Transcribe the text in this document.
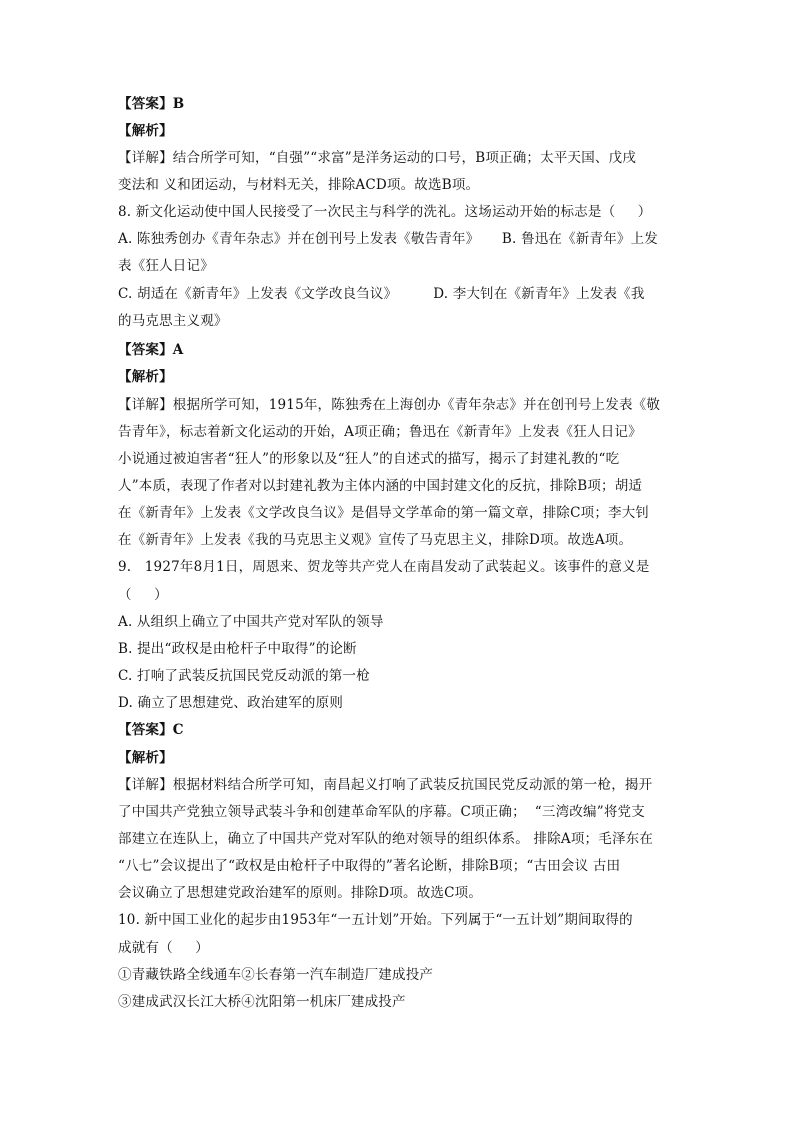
【答案】B
【解析】
【详解】结合所学可知，“自强”“求富”是洋务运动的口号，B项正确；太平天国、戊戌
变法和 义和团运动，与材料无关，排除ACD项。故选B项。
8. 新文化运动使中国人民接受了一次民主与科学的洗礼。这场运动开始的标志是（     ）
A. 陈独秀创办《青年杂志》并在创刊号上发表《敬告青年》     B. 鲁迅在《新青年》上发
表《狂人日记》
C. 胡适在《新青年》上发表《文学改良刍议》        D. 李大钊在《新青年》上发表《我
的马克思主义观》
【答案】A
【解析】
【详解】根据所学可知，1915年，陈独秀在上海创办《青年杂志》并在创刊号上发表《敬
告青年》，标志着新文化运动的开始，A项正确；鲁迅在《新青年》上发表《狂人日记》
小说通过被迫害者“狂人”的形象以及“狂人”的自述式的描写，揭示了封建礼教的“吃
人”本质，表现了作者对以封建礼教为主体内涵的中国封建文化的反抗，排除B项；胡适
在《新青年》上发表《文学改良刍议》是倡导文学革命的第一篇文章，排除C项；李大钊
在《新青年》上发表《我的马克思主义观》宣传了马克思主义，排除D项。故选A项。
9.   1927年8月1日，周恩来、贺龙等共产党人在南昌发动了武装起义。该事件的意义是
（     ）
A. 从组织上确立了中国共产党对军队的领导
B. 提出“政权是由枪杆子中取得”的论断
C. 打响了武装反抗国民党反动派的第一枪
D. 确立了思想建党、政治建军的原则
【答案】C
【解析】
【详解】根据材料结合所学可知，南昌起义打响了武装反抗国民党反动派的第一枪，揭开
了中国共产党独立领导武装斗争和创建革命军队的序幕。C项正确；  “三湾改编”将党支
部建立在连队上，确立了中国共产党对军队的绝对领导的组织体系。 排除A项；毛泽东在
“八七”会议提出了“政权是由枪杆子中取得的”著名论断，排除B项；“古田会议 古田
会议确立了思想建党政治建军的原则。排除D项。故选C项。
10. 新中国工业化的起步由1953年“一五计划”开始。下列属于“一五计划”期间取得的
成就有（     ）
①青藏铁路全线通车②长春第一汽车制造厂建成投产
③建成武汉长江大桥④沈阳第一机床厂建成投产
